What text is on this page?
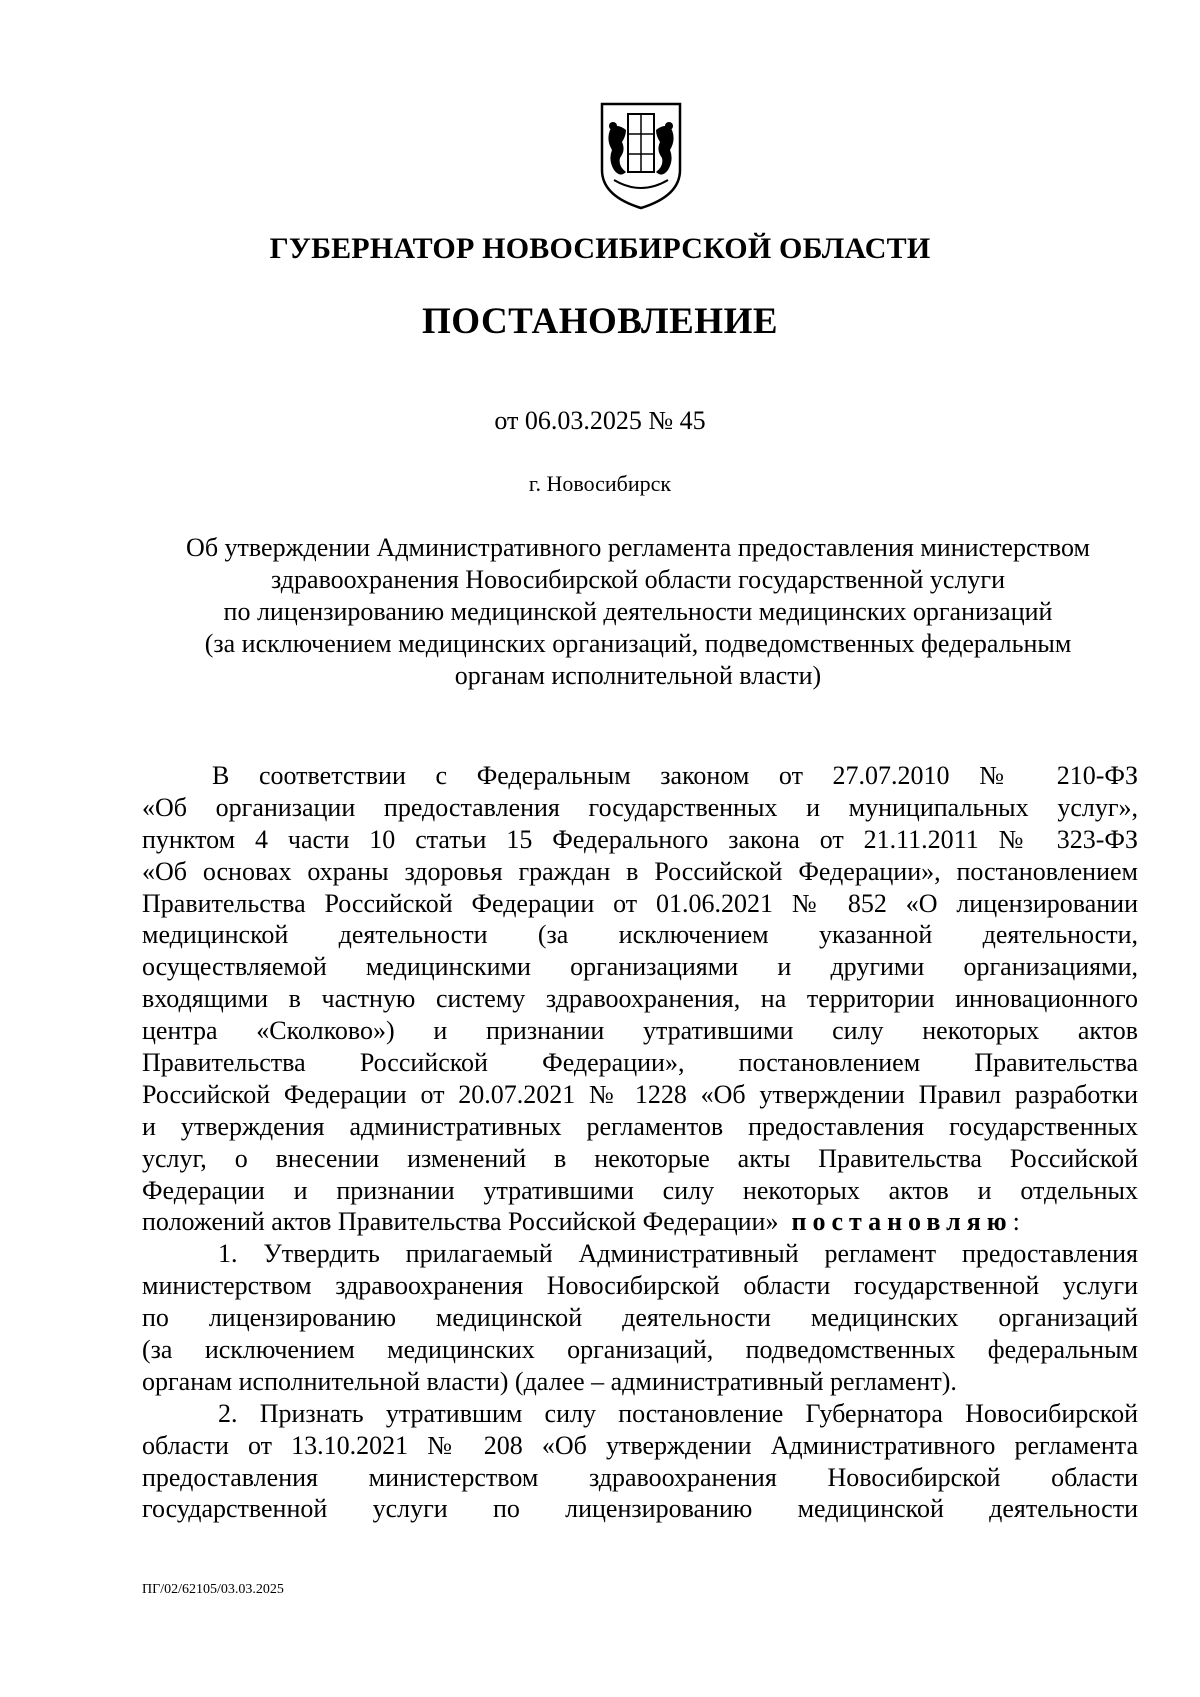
ГУБЕРНАТОР НОВОСИБИРСКОЙ ОБЛАСТИ
ПОСТАНОВЛЕНИЕ
от 06.03.2025 № 45
г. Новосибирск
Об утверждении Административного регламента предоставления министерством
здравоохранения Новосибирской области государственной услуги
по лицензированию медицинской деятельности медицинских организаций
(за исключением медицинских организаций, подведомственных федеральным
органам исполнительной власти)
В соответствии с Федеральным законом от 27.07.2010 № 210-ФЗ
«Об организации предоставления государственных и муниципальных услуг»,
пунктом 4 части 10 статьи 15 Федерального закона от 21.11.2011 № 323-ФЗ
«Об основах охраны здоровья граждан в Российской Федерации», постановлением
Правительства Российской Федерации от 01.06.2021 № 852 «О лицензировании
медицинской деятельности (за исключением указанной деятельности,
осуществляемой медицинскими организациями и другими организациями,
входящими в частную систему здравоохранения, на территории инновационного
центра «Сколково») и признании утратившими силу некоторых актов
Правительства Российской Федерации», постановлением Правительства
Российской Федерации от 20.07.2021 № 1228 «Об утверждении Правил разработки
и утверждения административных регламентов предоставления государственных
услуг, о внесении изменений в некоторые акты Правительства Российской
Федерации и признании утратившими силу некоторых актов и отдельных
положений актов Правительства Российской Федерации» постановляю:
1. Утвердить прилагаемый Административный регламент предоставления
министерством здравоохранения Новосибирской области государственной услуги
по лицензированию медицинской деятельности медицинских организаций
(за исключением медицинских организаций, подведомственных федеральным
органам исполнительной власти) (далее – административный регламент).
2. Признать утратившим силу постановление Губернатора Новосибирской
области от 13.10.2021 № 208 «Об утверждении Административного регламента
предоставления министерством здравоохранения Новосибирской области
государственной услуги по лицензированию медицинской деятельности
ПГ/02/62105/03.03.2025
